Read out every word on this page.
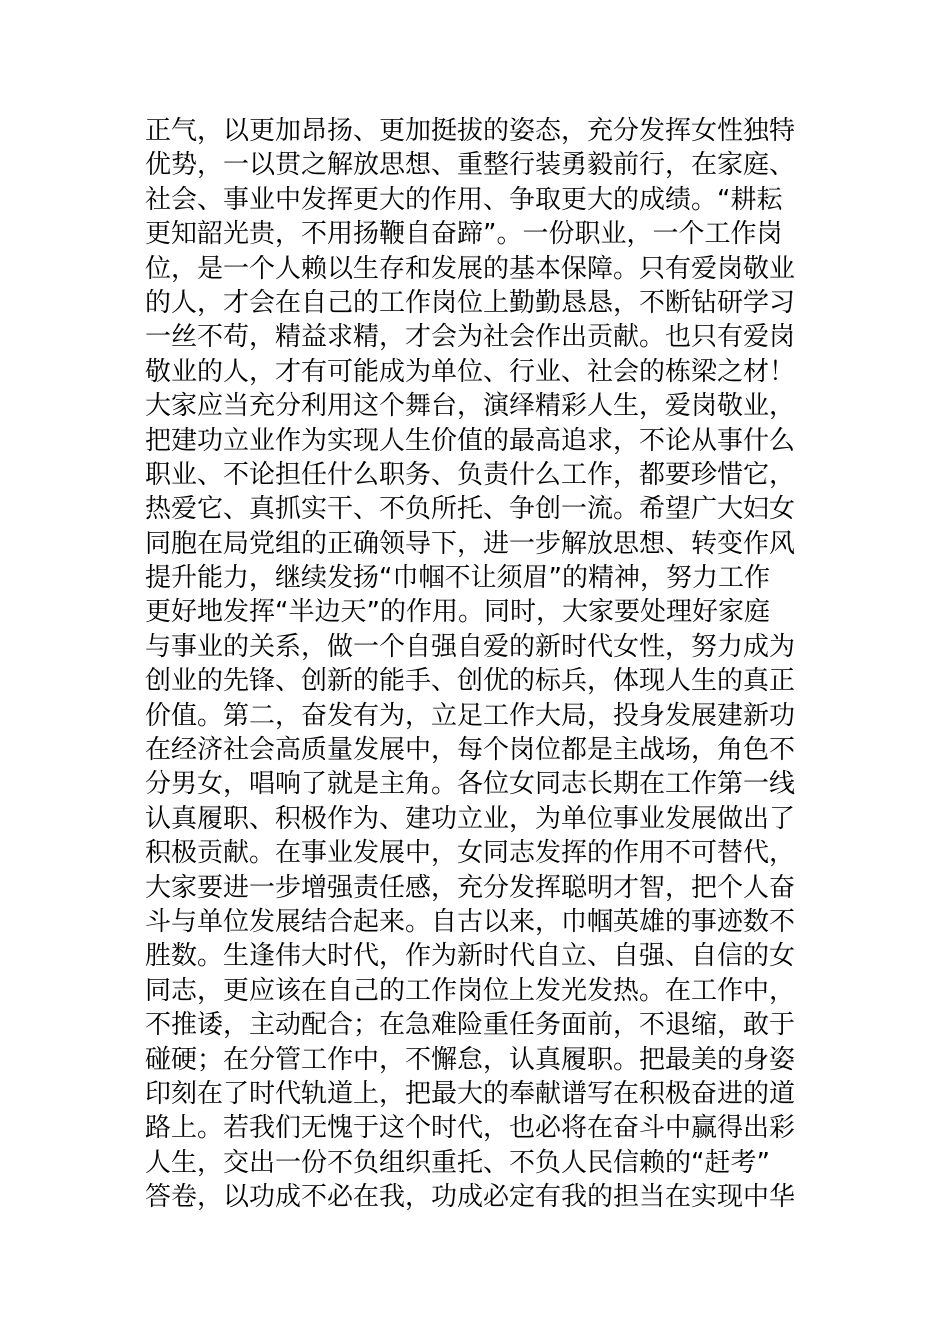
正气，以更加昂扬、更加挺拔的姿态，充分发挥女性独特
优势，一以贯之解放思想、重整行装勇毅前行，在家庭、
社会、事业中发挥更大的作用、争取更大的成绩。“耕耘
更知韶光贵，不用扬鞭自奋蹄”。一份职业，一个工作岗
位，是一个人赖以生存和发展的基本保障。只有爱岗敬业
的人，才会在自己的工作岗位上勤勤恳恳，不断钻研学习
一丝不苟，精益求精，才会为社会作出贡献。也只有爱岗
敬业的人，才有可能成为单位、行业、社会的栋梁之材！
大家应当充分利用这个舞台，演绎精彩人生，爱岗敬业，
把建功立业作为实现人生价值的最高追求，不论从事什么
职业、不论担任什么职务、负责什么工作，都要珍惜它，
热爱它、真抓实干、不负所托、争创一流。希望广大妇女
同胞在局党组的正确领导下，进一步解放思想、转变作风
提升能力，继续发扬“巾帼不让须眉”的精神，努力工作
更好地发挥“半边天”的作用。同时，大家要处理好家庭
与事业的关系，做一个自强自爱的新时代女性，努力成为
创业的先锋、创新的能手、创优的标兵，体现人生的真正
价值。第二，奋发有为，立足工作大局，投身发展建新功
在经济社会高质量发展中，每个岗位都是主战场，角色不
分男女，唱响了就是主角。各位女同志长期在工作第一线
认真履职、积极作为、建功立业，为单位事业发展做出了
积极贡献。在事业发展中，女同志发挥的作用不可替代，
大家要进一步增强责任感，充分发挥聪明才智，把个人奋
斗与单位发展结合起来。自古以来，巾帼英雄的事迹数不
胜数。生逢伟大时代，作为新时代自立、自强、自信的女
同志，更应该在自己的工作岗位上发光发热。在工作中，
不推诿，主动配合；在急难险重任务面前，不退缩，敢于
碰硬；在分管工作中，不懈怠，认真履职。把最美的身姿
印刻在了时代轨道上，把最大的奉献谱写在积极奋进的道
路上。若我们无愧于这个时代，也必将在奋斗中赢得出彩
人生，交出一份不负组织重托、不负人民信赖的“赶考”
答卷，以功成不必在我，功成必定有我的担当在实现中华
